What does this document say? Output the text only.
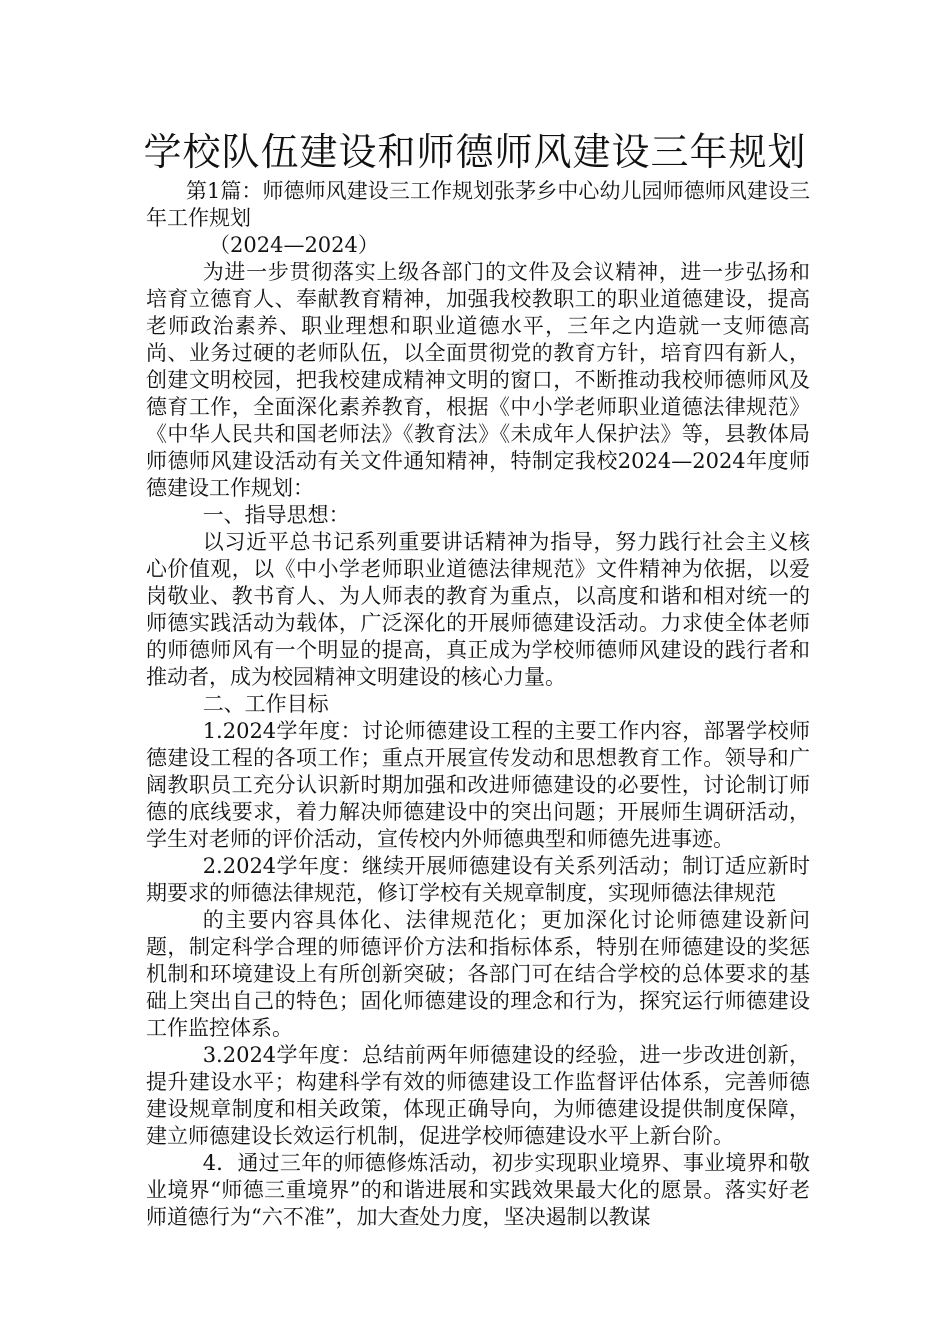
学校队伍建设和师德师风建设三年规划

第1篇：师德师风建设三工作规划张茅乡中心幼儿园师德师风建设三年工作规划

（2024—2024）

为进一步贯彻落实上级各部门的文件及会议精神，进一步弘扬和培育立德育人、奉献教育精神，加强我校教职工的职业道德建设，提高老师政治素养、职业理想和职业道德水平，三年之内造就一支师德高尚、业务过硬的老师队伍，以全面贯彻党的教育方针，培育四有新人，创建文明校园，把我校建成精神文明的窗口，不断推动我校师德师风及德育工作，全面深化素养教育，根据《中小学老师职业道德法律规范》《中华人民共和国老师法》《教育法》《未成年人保护法》等，县教体局师德师风建设活动有关文件通知精神，特制定我校2024—2024年度师德建设工作规划：

一、指导思想：

以习近平总书记系列重要讲话精神为指导，努力践行社会主义核心价值观，以《中小学老师职业道德法律规范》文件精神为依据，以爱岗敬业、教书育人、为人师表的教育为重点，以高度和谐和相对统一的师德实践活动为载体，广泛深化的开展师德建设活动。力求使全体老师的师德师风有一个明显的提高，真正成为学校师德师风建设的践行者和推动者，成为校园精神文明建设的核心力量。

二、工作目标

1.2024学年度：讨论师德建设工程的主要工作内容，部署学校师德建设工程的各项工作；重点开展宣传发动和思想教育工作。领导和广阔教职员工充分认识新时期加强和改进师德建设的必要性，讨论制订师德的底线要求，着力解决师德建设中的突出问题；开展师生调研活动，学生对老师的评价活动，宣传校内外师德典型和师德先进事迹。

2.2024学年度：继续开展师德建设有关系列活动；制订适应新时期要求的师德法律规范，修订学校有关规章制度，实现师德法律规范

的主要内容具体化、法律规范化；更加深化讨论师德建设新问题，制定科学合理的师德评价方法和指标体系，特别在师德建设的奖惩机制和环境建设上有所创新突破；各部门可在结合学校的总体要求的基础上突出自己的特色；固化师德建设的理念和行为，探究运行师德建设工作监控体系。

3.2024学年度：总结前两年师德建设的经验，进一步改进创新，提升建设水平；构建科学有效的师德建设工作监督评估体系，完善师德建设规章制度和相关政策，体现正确导向，为师德建设提供制度保障，建立师德建设长效运行机制，促进学校师德建设水平上新台阶。

4．通过三年的师德修炼活动，初步实现职业境界、事业境界和敬业境界“师德三重境界”的和谐进展和实践效果最大化的愿景。落实好老师道德行为“六不准”，加大查处力度，坚决遏制以教谋
